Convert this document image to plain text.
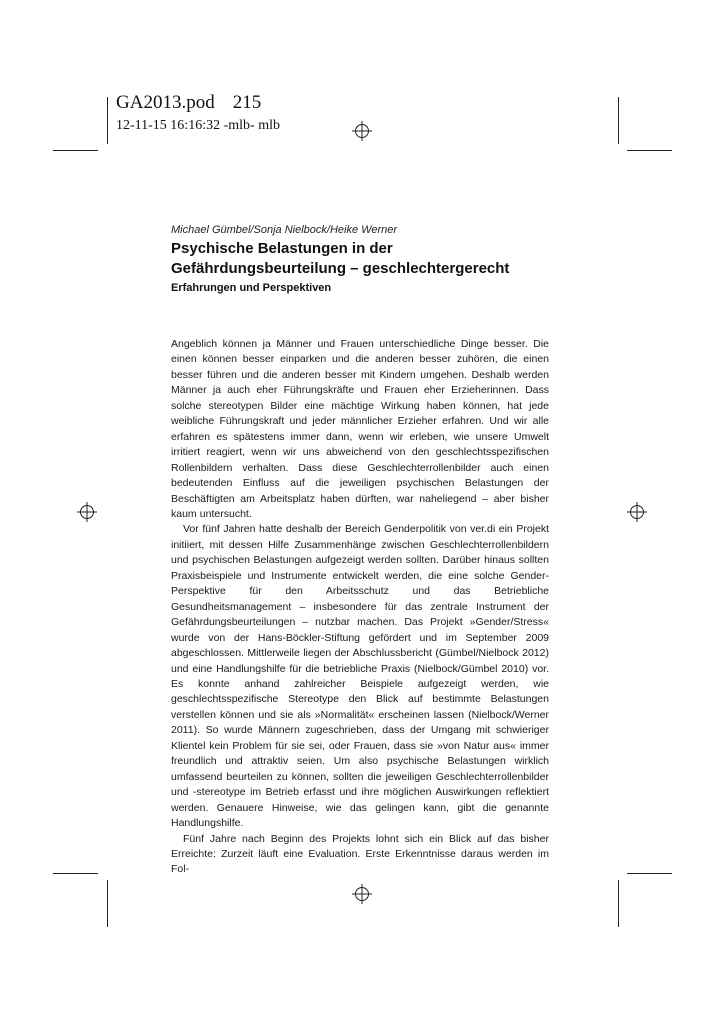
GA2013.pod 215
12-11-15 16:16:32 -mlb- mlb
Michael Gümbel/Sonja Nielbock/Heike Werner
Psychische Belastungen in der
Gefährdungsbeurteilung – geschlechtergerecht
Erfahrungen und Perspektiven

Angeblich können ja Männer und Frauen unterschiedliche Dinge besser. Die einen können besser einparken und die anderen besser zuhören, die einen besser führen und die anderen besser mit Kindern umgehen. Deshalb werden Männer ja auch eher Führungskräfte und Frauen eher Erzieherinnen. Dass solche stereotypen Bilder eine mächtige Wirkung haben können, hat jede weibliche Führungskraft und jeder männlicher Erzieher erfahren. Und wir alle erfahren es spätestens immer dann, wenn wir erleben, wie unsere Umwelt irritiert reagiert, wenn wir uns abweichend von den geschlechtsspezifischen Rollenbildern verhalten. Dass diese Geschlechterrollenbilder auch einen bedeutenden Einfluss auf die jeweiligen psychischen Belastungen der Beschäftigten am Arbeitsplatz haben dürften, war naheliegend – aber bisher kaum untersucht.

Vor fünf Jahren hatte deshalb der Bereich Genderpolitik von ver.di ein Projekt initiiert, mit dessen Hilfe Zusammenhänge zwischen Geschlechterrollenbildern und psychischen Belastungen aufgezeigt werden sollten. Darüber hinaus sollten Praxisbeispiele und Instrumente entwickelt werden, die eine solche Gender-Perspektive für den Arbeitsschutz und das Betriebliche Gesundheitsmanagement – insbesondere für das zentrale Instrument der Gefährdungsbeurteilungen – nutzbar machen. Das Projekt »Gender/Stress« wurde von der Hans-Böckler-Stiftung gefördert und im September 2009 abgeschlossen. Mittlerweile liegen der Abschlussbericht (Gümbel/Nielbock 2012) und eine Handlungshilfe für die betriebliche Praxis (Nielbock/Gümbel 2010) vor. Es konnte anhand zahlreicher Beispiele aufgezeigt werden, wie geschlechtsspezifische Stereotype den Blick auf bestimmte Belastungen verstellen können und sie als »Normalität« erscheinen lassen (Nielbock/Werner 2011). So wurde Männern zugeschrieben, dass der Umgang mit schwieriger Klientel kein Problem für sie sei, oder Frauen, dass sie »von Natur aus« immer freundlich und attraktiv seien. Um also psychische Belastungen wirklich umfassend beurteilen zu können, sollten die jeweiligen Geschlechterrollenbilder und -stereotype im Betrieb erfasst und ihre möglichen Auswirkungen reflektiert werden. Genauere Hinweise, wie das gelingen kann, gibt die genannte Handlungshilfe.

Fünf Jahre nach Beginn des Projekts lohnt sich ein Blick auf das bisher Erreichte: Zurzeit läuft eine Evaluation. Erste Erkenntnisse daraus werden im Fol-
